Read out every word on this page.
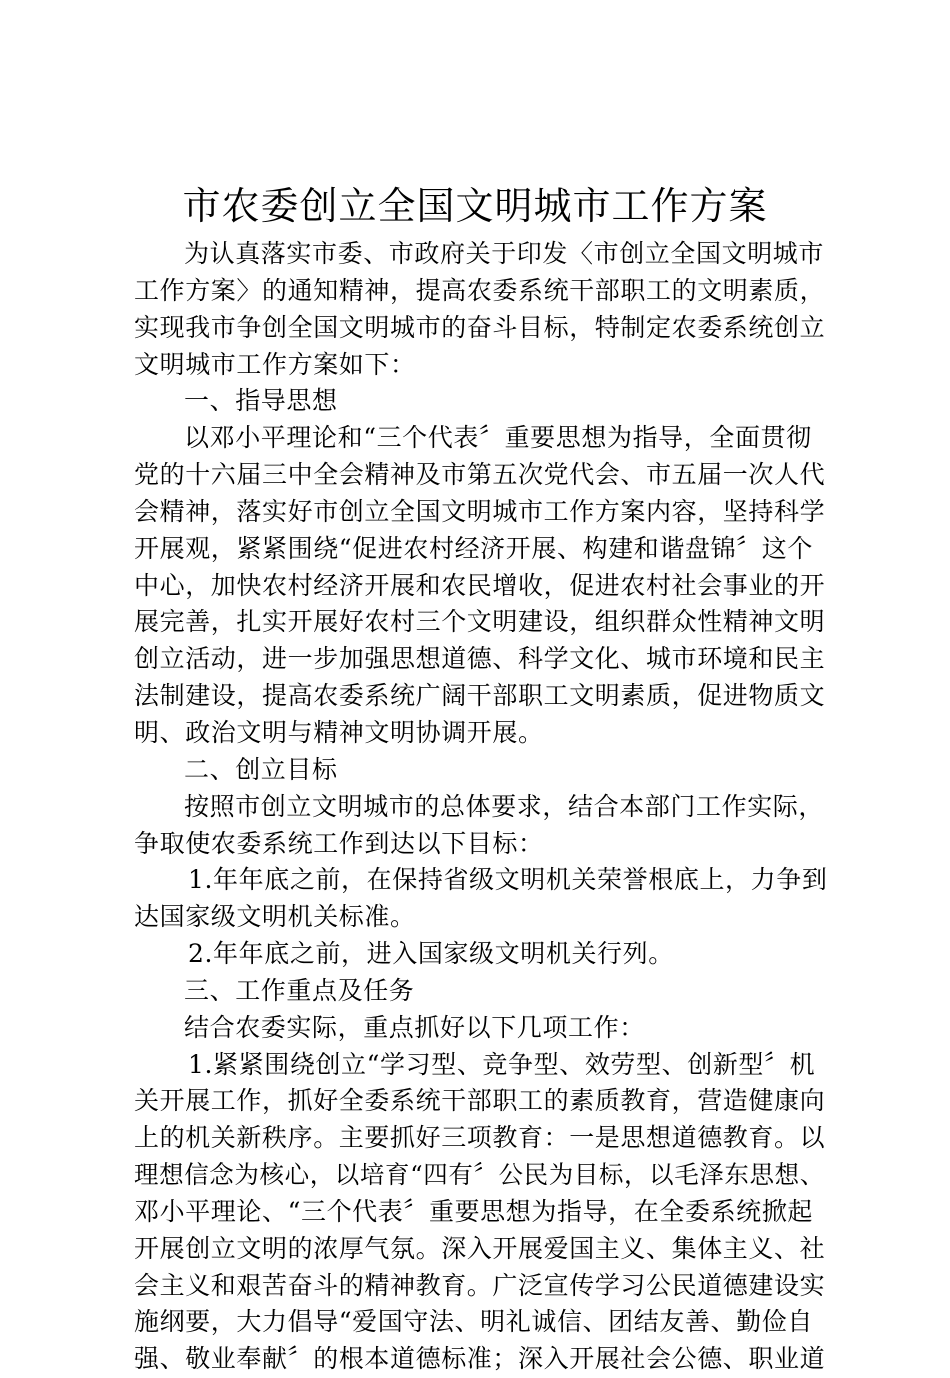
市农委创立全国文明城市工作方案
为认真落实市委、市政府关于印发〈市创立全国文明城市
工作方案〉的通知精神，提高农委系统干部职工的文明素质，
实现我市争创全国文明城市的奋斗目标，特制定农委系统创立
文明城市工作方案如下：
一、指导思想
以邓小平理论和“三个代表〞重要思想为指导，全面贯彻
党的十六届三中全会精神及市第五次党代会、市五届一次人代
会精神，落实好市创立全国文明城市工作方案内容，坚持科学
开展观，紧紧围绕“促进农村经济开展、构建和谐盘锦〞这个
中心，加快农村经济开展和农民增收，促进农村社会事业的开
展完善，扎实开展好农村三个文明建设，组织群众性精神文明
创立活动，进一步加强思想道德、科学文化、城市环境和民主
法制建设，提高农委系统广阔干部职工文明素质，促进物质文
明、政治文明与精神文明协调开展。
二、创立目标
按照市创立文明城市的总体要求，结合本部门工作实际，
争取使农委系统工作到达以下目标：
1.年年底之前，在保持省级文明机关荣誉根底上，力争到
达国家级文明机关标准。
2.年年底之前，进入国家级文明机关行列。
三、工作重点及任务
结合农委实际，重点抓好以下几项工作：
1.紧紧围绕创立“学习型、竞争型、效劳型、创新型〞机
关开展工作，抓好全委系统干部职工的素质教育，营造健康向
上的机关新秩序。主要抓好三项教育：一是思想道德教育。以
理想信念为核心，以培育“四有〞公民为目标，以毛泽东思想、
邓小平理论、“三个代表〞重要思想为指导，在全委系统掀起
开展创立文明的浓厚气氛。深入开展爱国主义、集体主义、社
会主义和艰苦奋斗的精神教育。广泛宣传学习公民道德建设实
施纲要，大力倡导“爱国守法、明礼诚信、团结友善、勤俭自
强、敬业奉献〞的根本道德标准；深入开展社会公德、职业道
